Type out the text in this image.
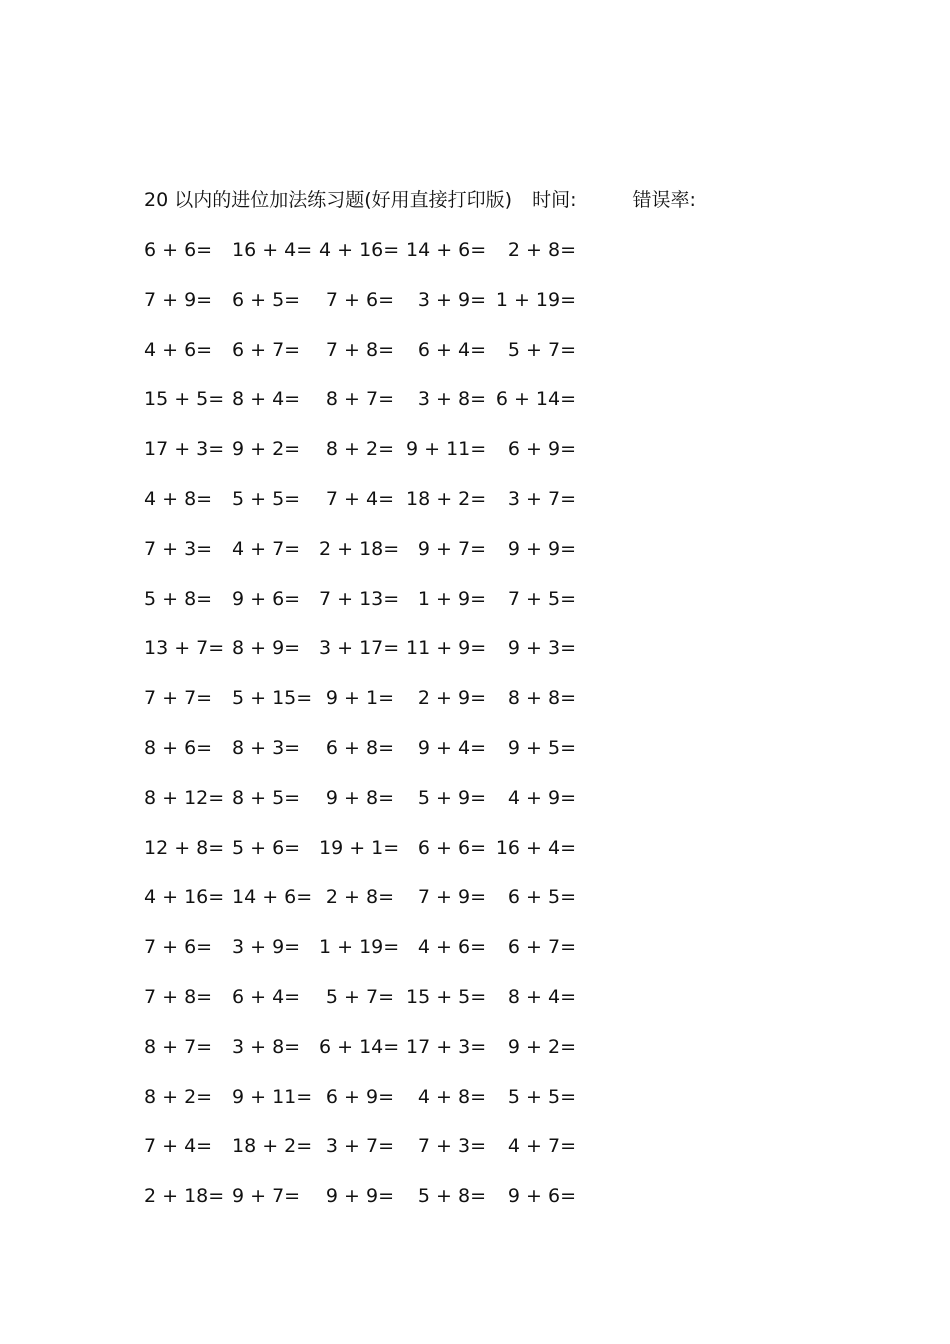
20 以内的进位加法练习题(好用直接打印版) 时间:	错误率:
6 + 6= 16 + 4= 4 + 16= 14 + 6=	2 + 8=
7 + 9= 6 + 5=	7 + 6=	3 + 9= 1 + 19=
4 + 6= 6 + 7=	7 + 8=	6 + 4=	5 + 7=
15 + 5= 8 + 4=	8 + 7=	3 + 8= 6 + 14=
17 + 3= 9 + 2=	8 + 2= 9 + 11=	6 + 9=
4 + 8= 5 + 5=	7 + 4= 18 + 2=	3 + 7=
7 + 3= 4 + 7= 2 + 18= 9 + 7=	9 + 9=
5 + 8= 9 + 6= 7 + 13= 1 + 9=	7 + 5=
13 + 7= 8 + 9= 3 + 17= 11 + 9=	9 + 3=
7 + 7= 5 + 15= 9 + 1=	2 + 9=	8 + 8=
8 + 6= 8 + 3=	6 + 8=	9 + 4=	9 + 5=
8 + 12= 8 + 5=	9 + 8=	5 + 9=	4 + 9=
12 + 8= 5 + 6= 19 + 1= 6 + 6= 16 + 4=
4 + 16= 14 + 6= 2 + 8=	7 + 9=	6 + 5=
7 + 6= 3 + 9= 1 + 19= 4 + 6=	6 + 7=
7 + 8= 6 + 4=	5 + 7= 15 + 5=	8 + 4=
8 + 7= 3 + 8= 6 + 14= 17 + 3=	9 + 2=
8 + 2= 9 + 11= 6 + 9=	4 + 8=	5 + 5=
7 + 4= 18 + 2= 3 + 7=	7 + 3=	4 + 7=
2 + 18= 9 + 7=	9 + 9=	5 + 8=	9 + 6=
